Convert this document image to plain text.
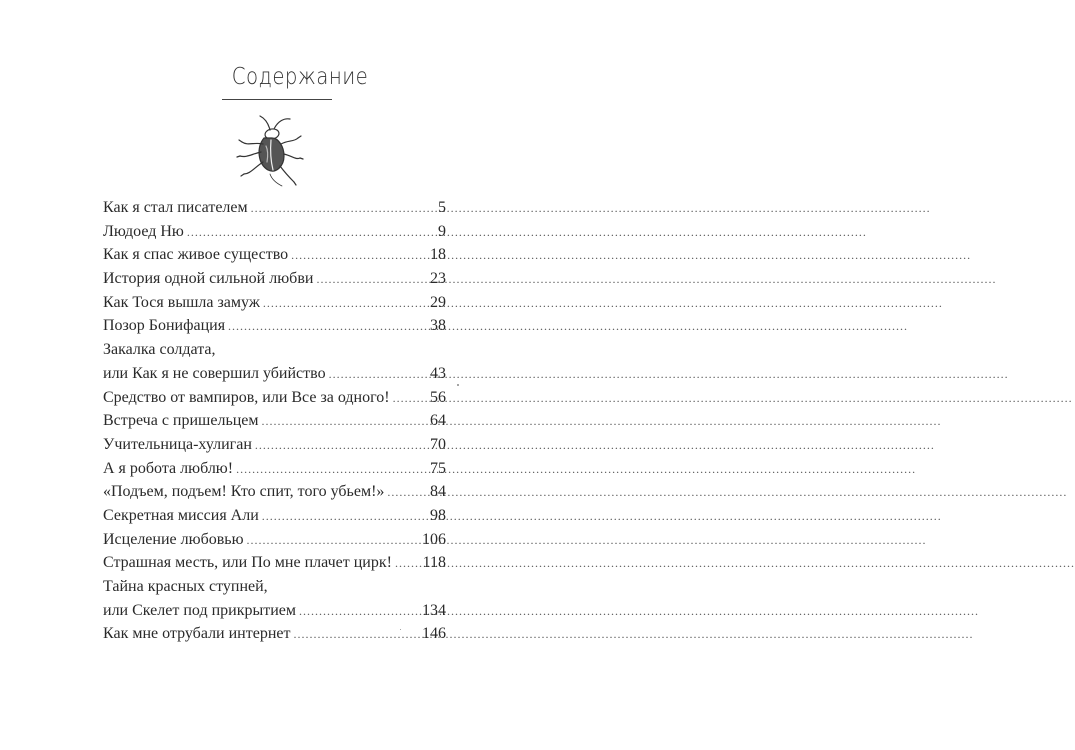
Содержание
Как я стал писателем .....	5
Людоед Ню .....	9
Как я спас живое существо .....	18
История одной сильной любви .....	23
Как Тося вышла замуж .....	29
Позор Бонифация .....	38
Закалка солдата,
или Как я не совершил убийство .....	43
Средство от вампиров, или Все за одного! .....	56
Встреча с пришельцем .....	64
Учительница-хулиган .....	70
А я робота люблю! .....	75
«Подъем, подъем! Кто спит, того убьем!» .....	84
Секретная миссия Али .....	98
Исцеление любовью .....	106
Страшная месть, или По мне плачет цирк! ..... 118
Тайна красных ступней,
или Скелет под прикрытием .....	134
Как мне отрубали интернет .....	146
